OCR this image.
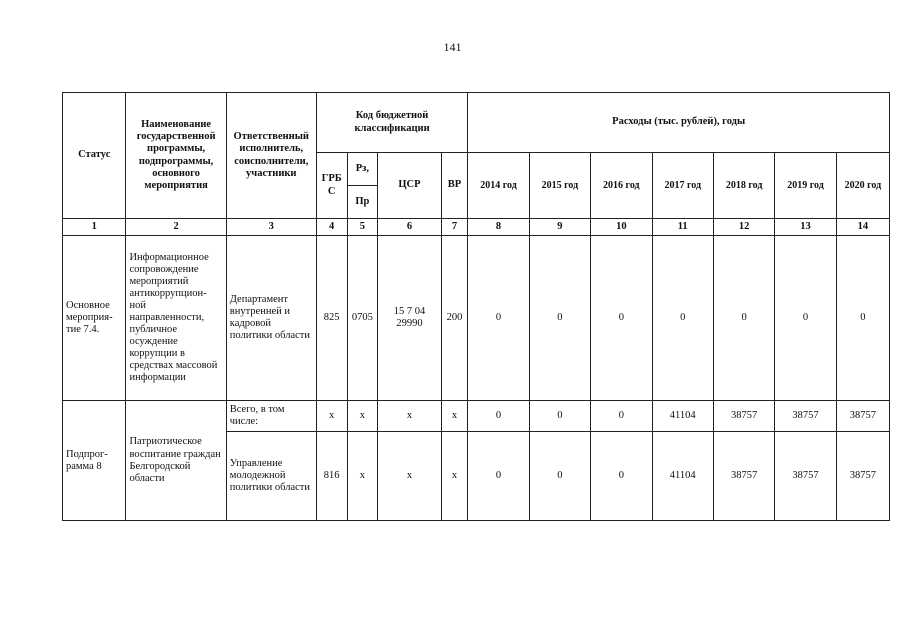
141
Статус	Наименование государственной программы, подпрограммы, основного мероприятия	Ответственный исполнитель, соисполнители, участники	Код бюджетной классификации				Расходы (тыс. рублей), годы						
			ГРБ С	Рз,	ЦСР	ВР	2014 год	2015 год	2016 год	2017 год	2018 год	2019 год	2020 год
				Пр									
1	2	3	4	5	6	7	8	9	10	11	12	13	14
Основное мероприя-тие 7.4.	Информационное сопровождение мероприятий антикоррупцион-ной направленности, публичное осуждение коррупции в средствах массовой информации	Департамент внутренней и кадровой политики области	825	0705	15 7 04 29990	200	0	0	0	0	0	0	0
Подпрог-рамма 8	Патриотическое воспитание граждан Белгородской области	Всего, в том числе:	x	x	x	x	0	0	0	41104	38757	38757	38757
		Управление молодежной политики области	816	x	x	x	0	0	0	41104	38757	38757	38757
